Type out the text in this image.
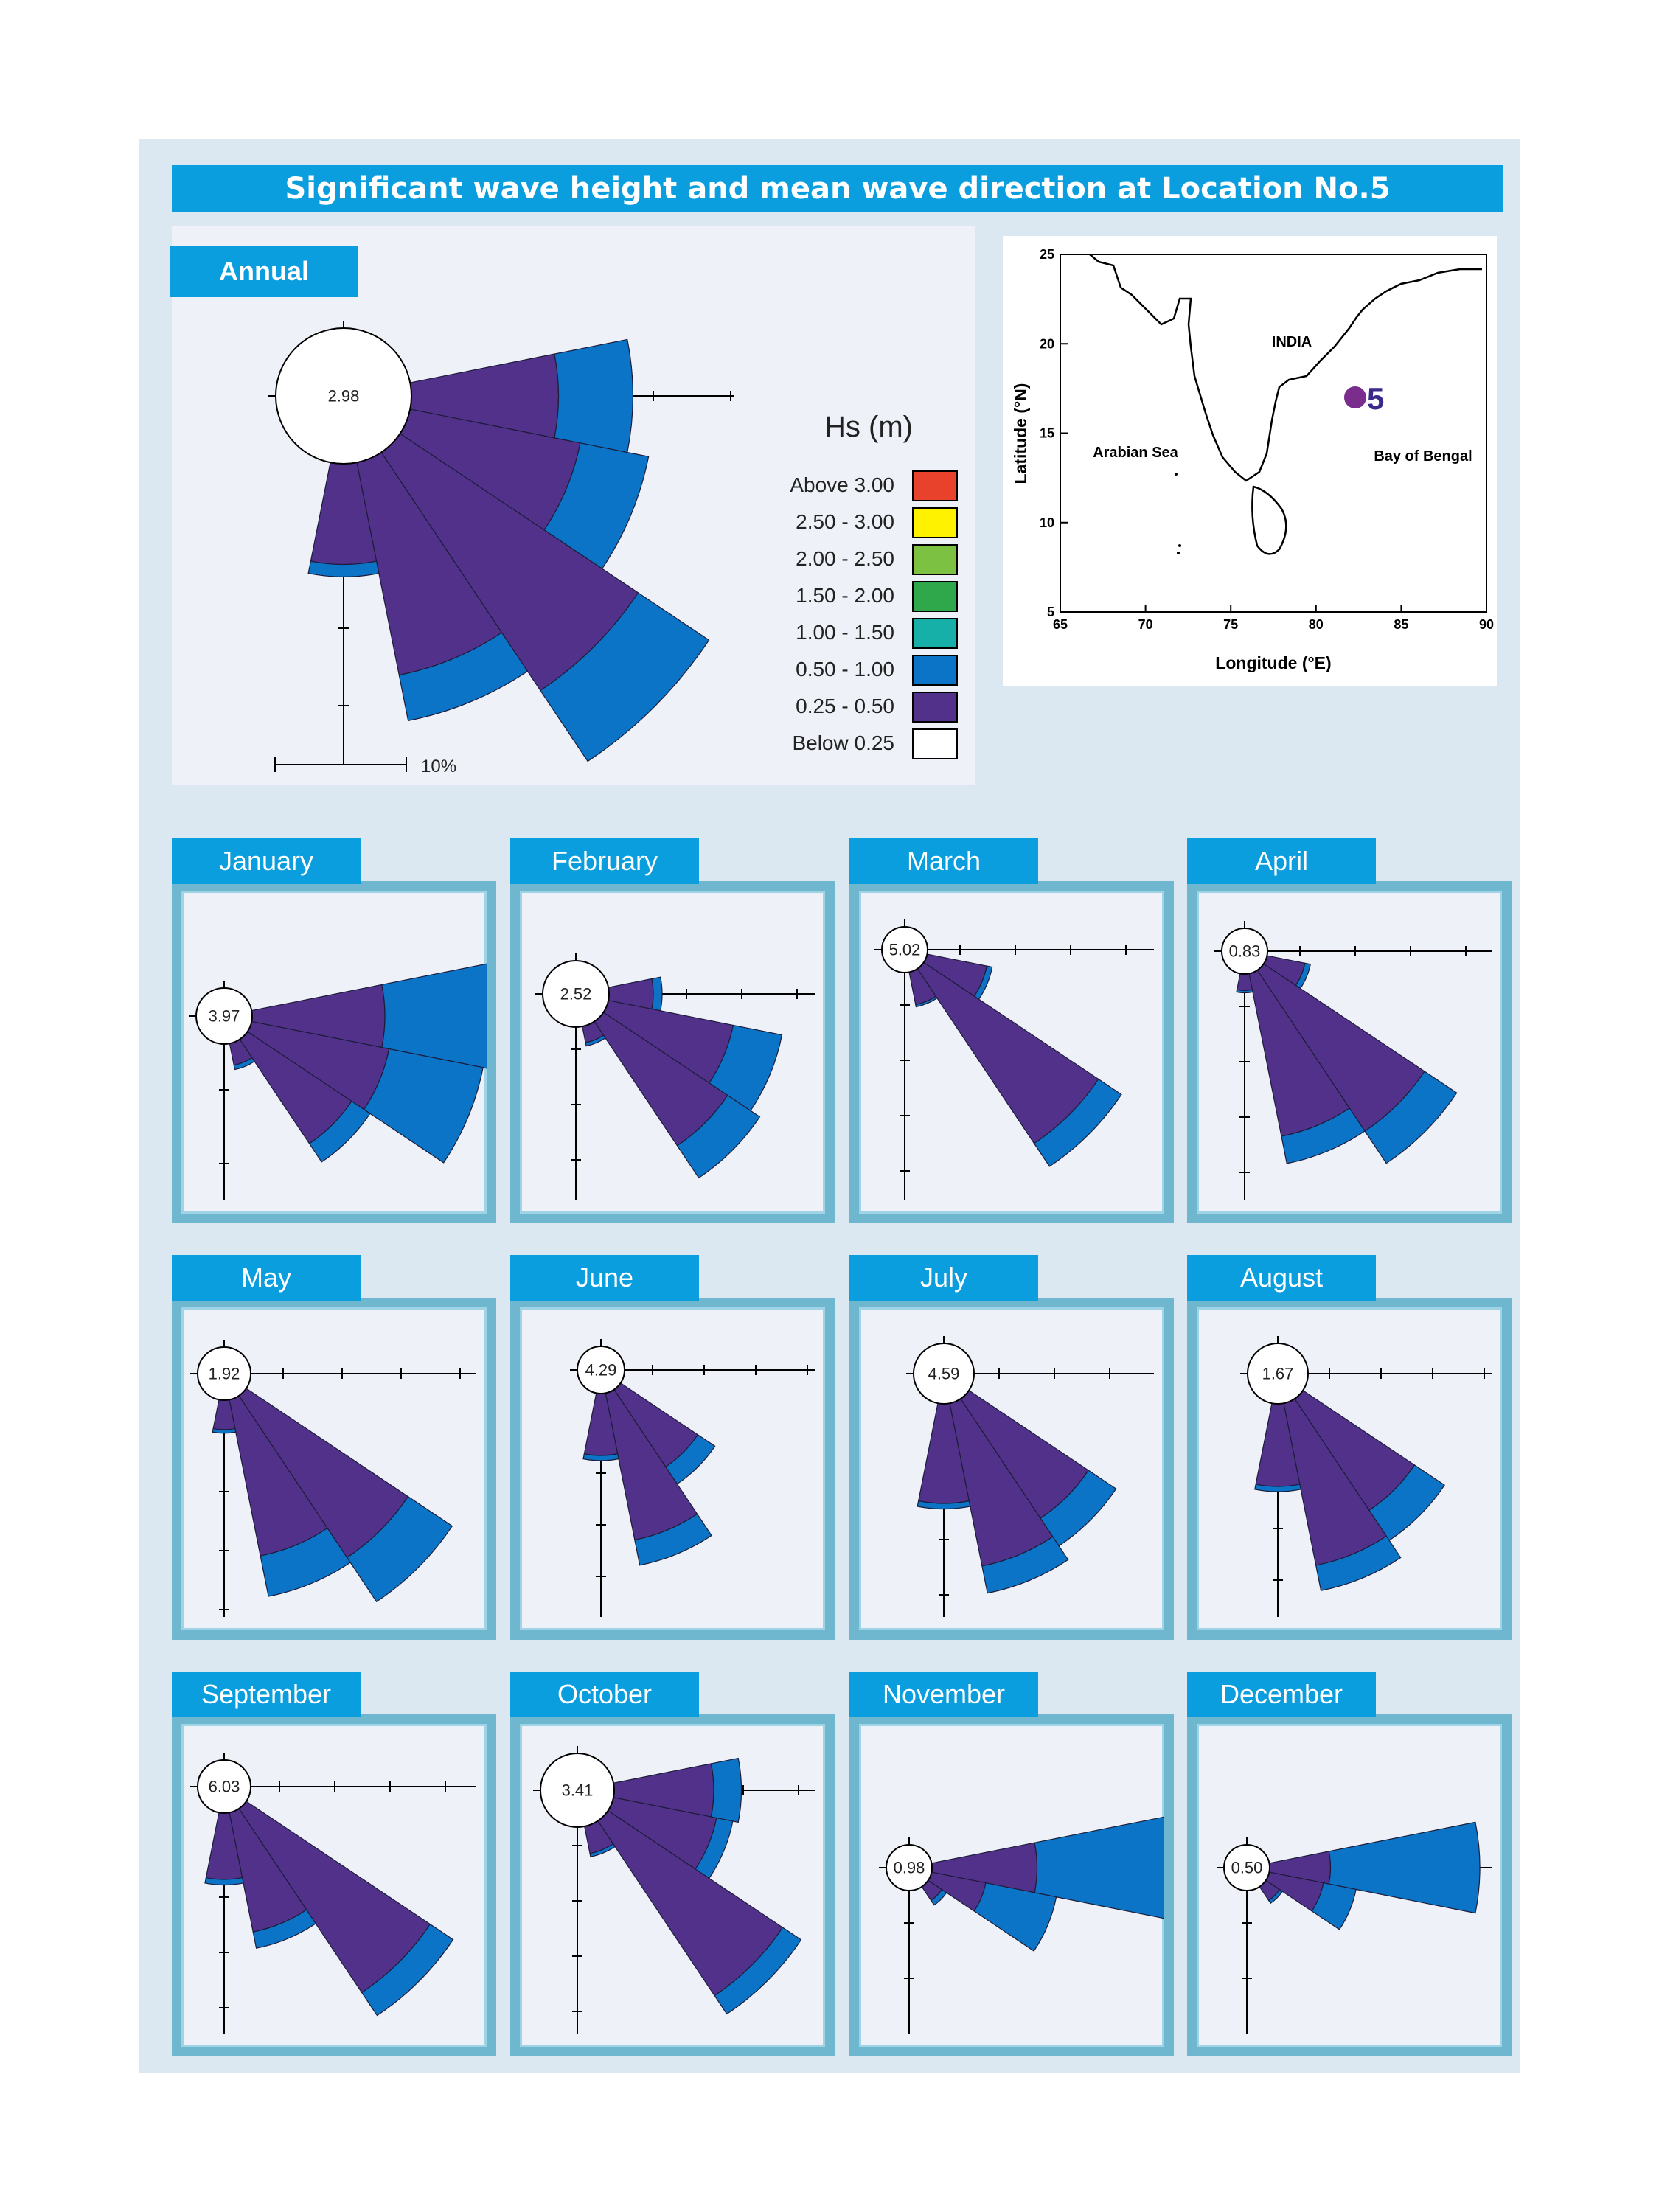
Significant wave height and mean wave direction at Location No.5
2.98
10%
Hs (m)
Above 3.00
2.50 - 3.00
2.00 - 2.50
1.50 - 2.00
1.00 - 1.50
0.50 - 1.00
0.25 - 0.50
Below 0.25
Annual
INDIA
Arabian Sea	Bay of Bengal
65	70	75	80	85	90
25
20
15
10
5
Longitude (°E)
Latitude (°N)	5
3.97
January
2.52
February
5.02
March
0.83
April
1.92
May
4.29
June
4.59
July
1.67
August
6.03
September
3.41
October
0.98
November
0.50
December
